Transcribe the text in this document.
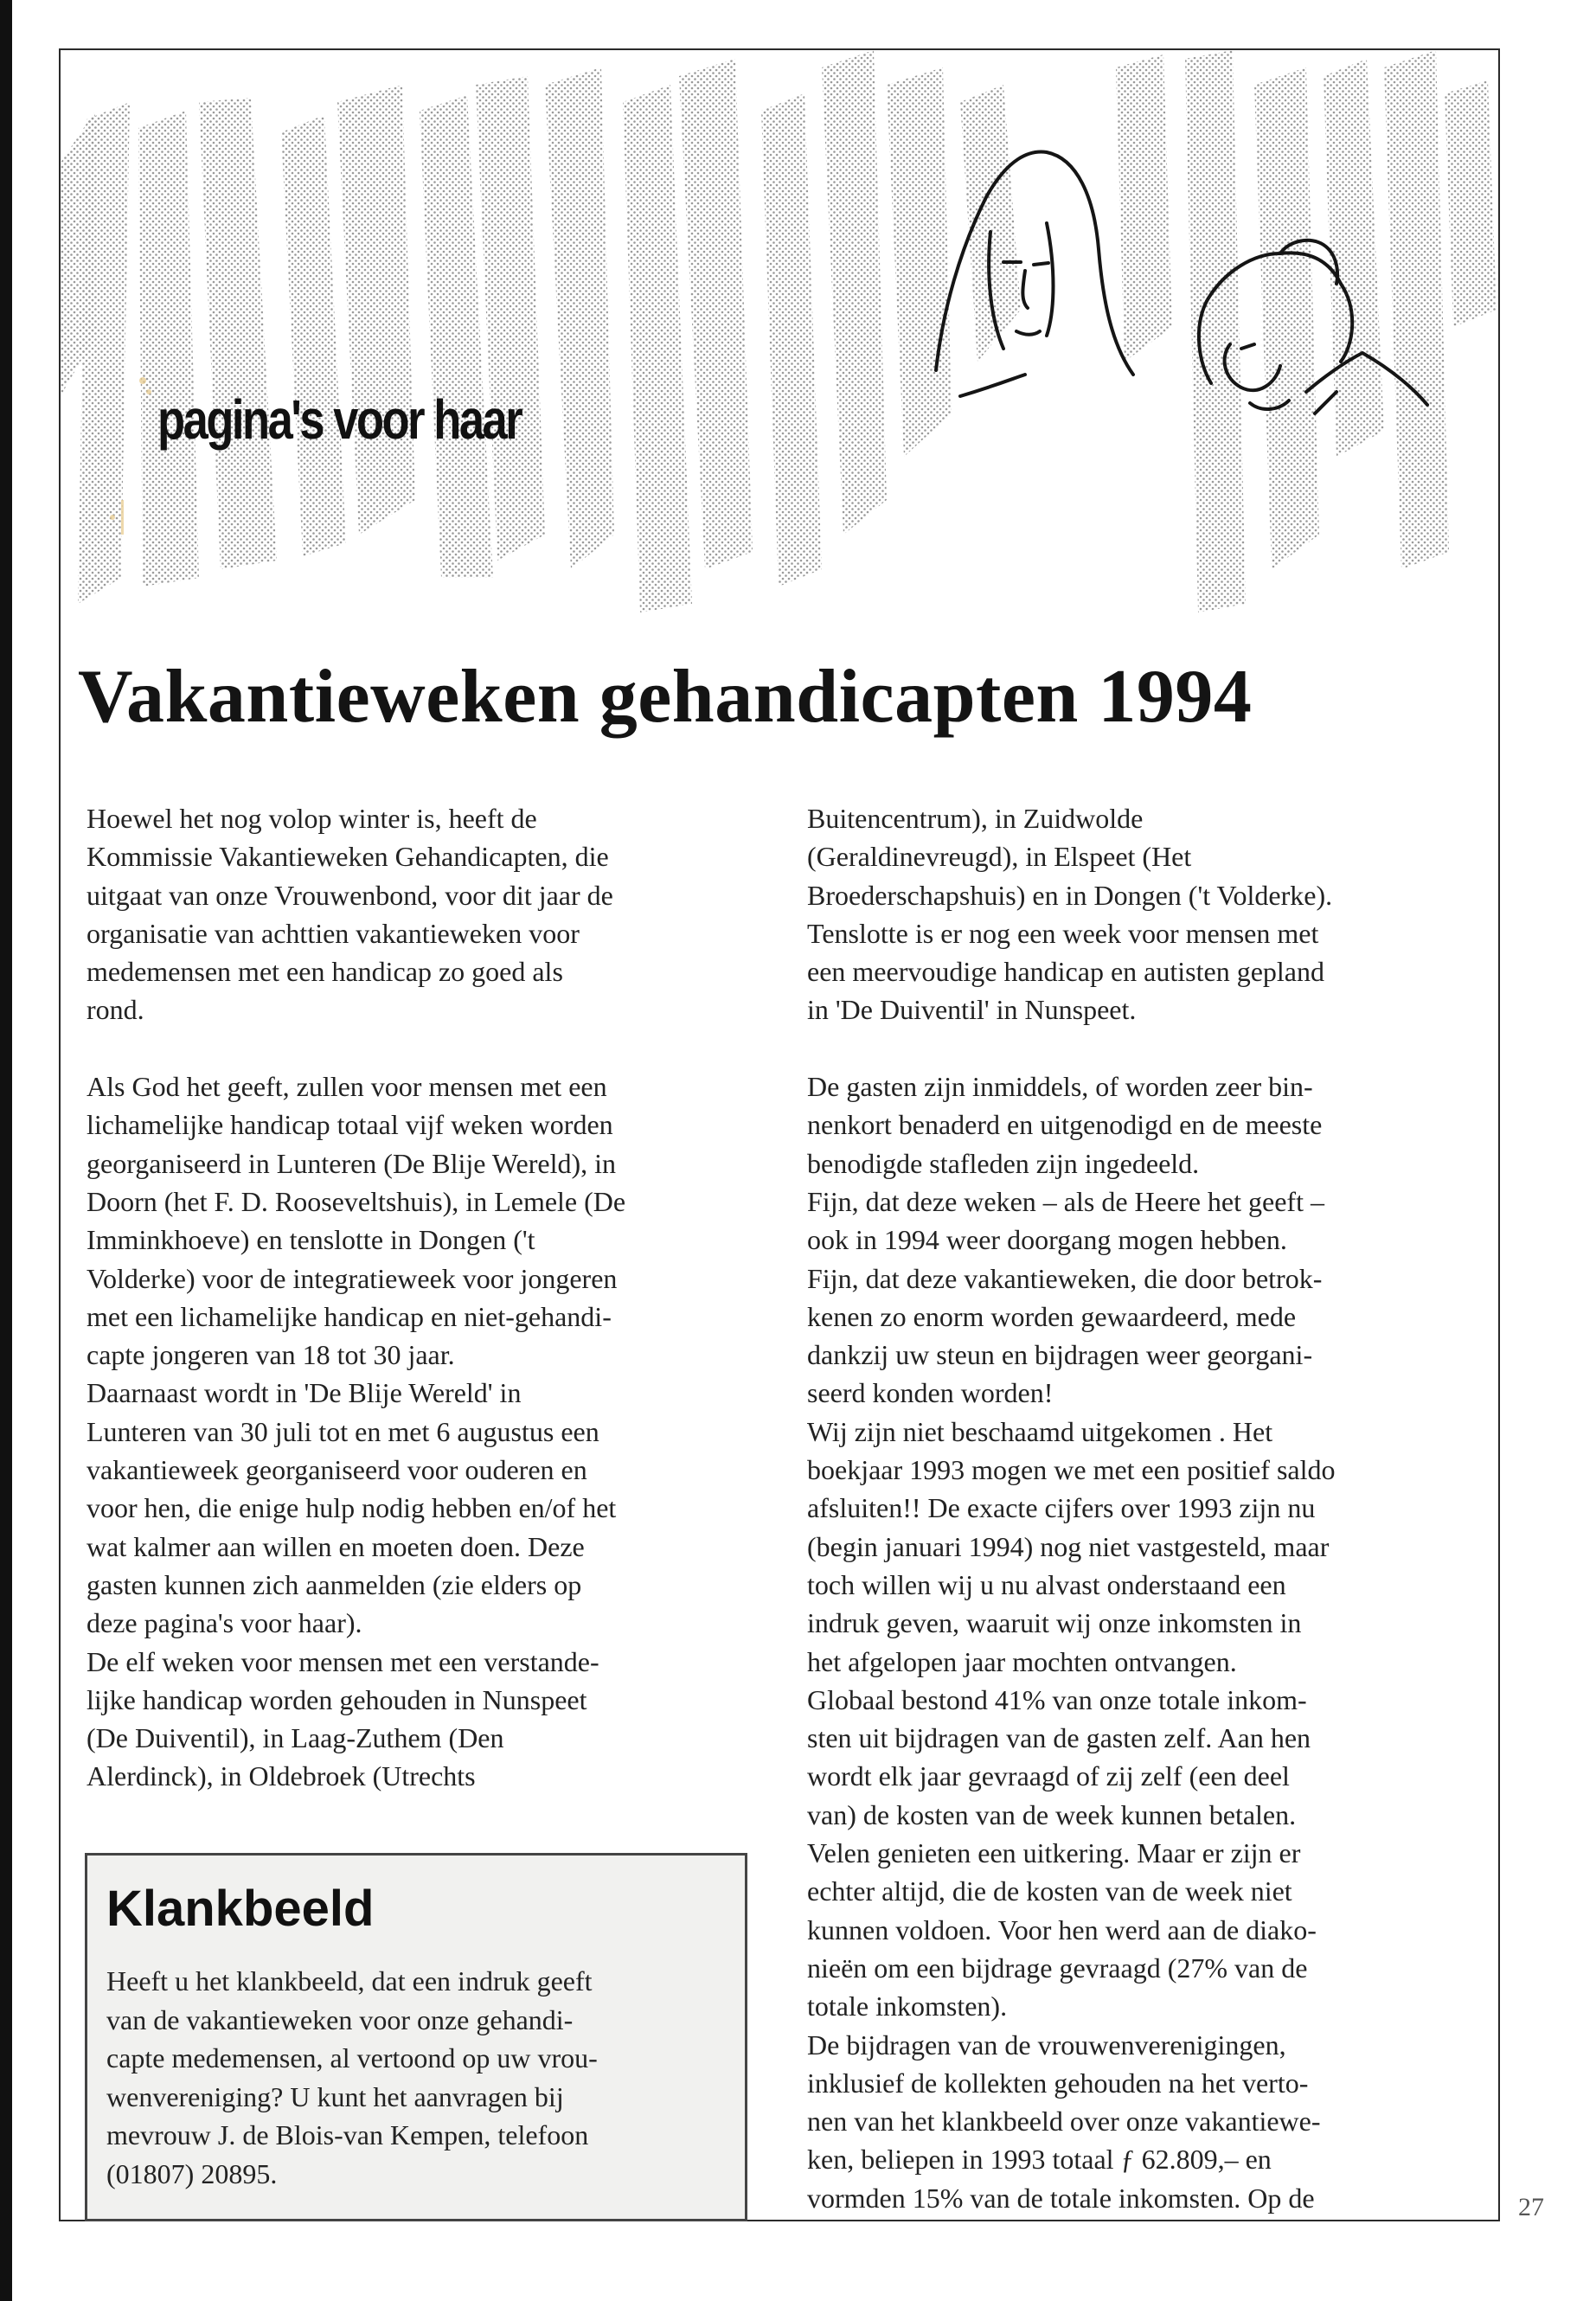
pagina's voor haar
Vakantieweken gehandicapten 1994
Hoewel het nog volop winter is, heeft de
Kommissie Vakantieweken Gehandicapten, die
uitgaat van onze Vrouwenbond, voor dit jaar de
organisatie van achttien vakantieweken voor
medemensen met een handicap zo goed als
rond.
Als God het geeft, zullen voor mensen met een
lichamelijke handicap totaal vijf weken worden
georganiseerd in Lunteren (De Blije Wereld), in
Doorn (het F. D. Rooseveltshuis), in Lemele (De
Imminkhoeve) en tenslotte in Dongen ('t
Volderke) voor de integratieweek voor jongeren
met een lichamelijke handicap en niet-gehandi-
capte jongeren van 18 tot 30 jaar.
Daarnaast wordt in 'De Blije Wereld' in
Lunteren van 30 juli tot en met 6 augustus een
vakantieweek georganiseerd voor ouderen en
voor hen, die enige hulp nodig hebben en/of het
wat kalmer aan willen en moeten doen. Deze
gasten kunnen zich aanmelden (zie elders op
deze pagina's voor haar).
De elf weken voor mensen met een verstande-
lijke handicap worden gehouden in Nunspeet
(De Duiventil), in Laag-Zuthem (Den
Alerdinck), in Oldebroek (Utrechts
Buitencentrum), in Zuidwolde
(Geraldinevreugd), in Elspeet (Het
Broederschapshuis) en in Dongen ('t Volderke).
Tenslotte is er nog een week voor mensen met
een meervoudige handicap en autisten gepland
in 'De Duiventil' in Nunspeet.
De gasten zijn inmiddels, of worden zeer bin-
nenkort benaderd en uitgenodigd en de meeste
benodigde stafleden zijn ingedeeld.
Fijn, dat deze weken – als de Heere het geeft –
ook in 1994 weer doorgang mogen hebben.
Fijn, dat deze vakantieweken, die door betrok-
kenen zo enorm worden gewaardeerd, mede
dankzij uw steun en bijdragen weer georgani-
seerd konden worden!
Wij zijn niet beschaamd uitgekomen . Het
boekjaar 1993 mogen we met een positief saldo
afsluiten!! De exacte cijfers over 1993 zijn nu
(begin januari 1994) nog niet vastgesteld, maar
toch willen wij u nu alvast onderstaand een
indruk geven, waaruit wij onze inkomsten in
het afgelopen jaar mochten ontvangen.
Globaal bestond 41% van onze totale inkom-
sten uit bijdragen van de gasten zelf. Aan hen
wordt elk jaar gevraagd of zij zelf (een deel
van) de kosten van de week kunnen betalen.
Velen genieten een uitkering. Maar er zijn er
echter altijd, die de kosten van de week niet
kunnen voldoen. Voor hen werd aan de diako-
nieën om een bijdrage gevraagd (27% van de
totale inkomsten).
De bijdragen van de vrouwenverenigingen,
inklusief de kollekten gehouden na het verto-
nen van het klankbeeld over onze vakantiewe-
ken, beliepen in 1993 totaal ƒ 62.809,– en
vormden 15% van de totale inkomsten. Op de
Klankbeeld
Heeft u het klankbeeld, dat een indruk geeft
van de vakantieweken voor onze gehandi-
capte medemensen, al vertoond op uw vrou-
wenvereniging? U kunt het aanvragen bij
mevrouw J. de Blois-van Kempen, telefoon
(01807) 20895.
27
